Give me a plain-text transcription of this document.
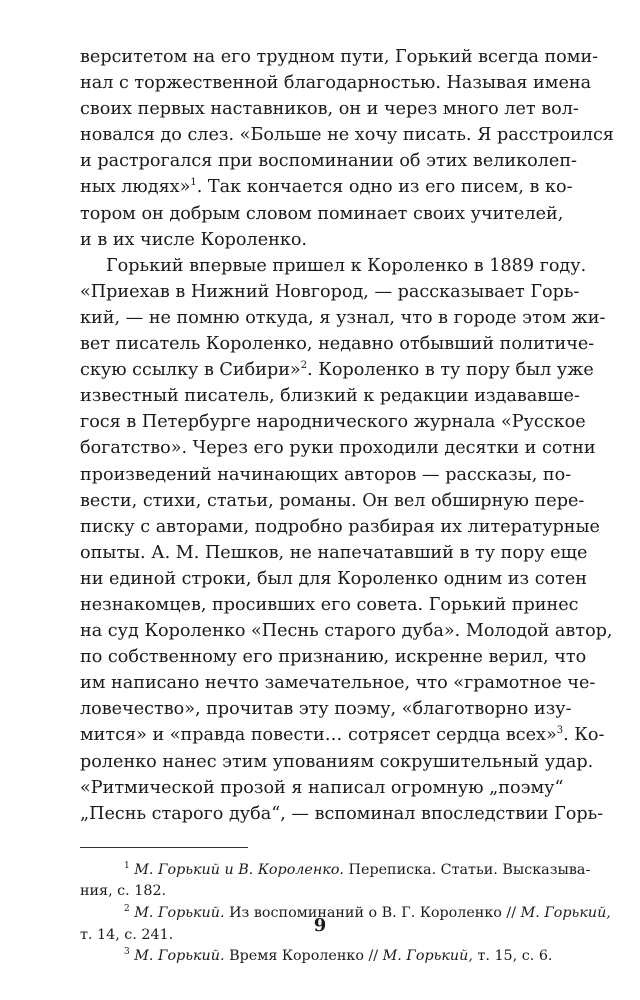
верситетом на его трудном пути, Горький всегда поми-
нал с торжественной благодарностью. Называя имена
своих первых наставников, он и через много лет вол-
новался до слез. «Больше не хочу писать. Я расстроился
и растрогался при воспоминании об этих великолеп-
ных людях»$^1$. Так кончается одно из его писем, в ко-
тором он добрым словом поминает своих учителей,
и в их числе Короленко.
Горький впервые пришел к Короленко в 1889 году.
«Приехав в Нижний Новгород, — рассказывает Горь-
кий, — не помню откуда, я узнал, что в городе этом жи-
вет писатель Короленко, недавно отбывший политиче-
скую ссылку в Сибири»$^2$. Короленко в ту пору был уже
известный писатель, близкий к редакции издававше-
гося в Петербурге народнического журнала «Русское
богатство». Через его руки проходили десятки и сотни
произведений начинающих авторов — рассказы, по-
вести, стихи, статьи, романы. Он вел обширную пере-
писку с авторами, подробно разбирая их литературные
опыты. А. М. Пешков, не напечатавший в ту пору еще
ни единой строки, был для Короленко одним из сотен
незнакомцев, просивших его совета. Горький принес
на суд Короленко «Песнь старого дуба». Молодой автор,
по собственному его признанию, искренне верил, что
им написано нечто замечательное, что «грамотное че-
ловечество», прочитав эту поэму, «благотворно изу-
мится» и «правда повести… сотрясет сердца всех»$^3$. Ко-
роленко нанес этим упованиям сокрушительный удар.
«Ритмической прозой я написал огромную „поэму“
„Песнь старого дуба“, — вспоминал впоследствии Горь-
$^1$ М. Горький и В. Короленко. Переписка. Статьи. Высказыва-
ния, с. 182.
$^2$ М. Горький. Из воспоминаний о В. Г. Короленко // М. Горький,
т. 14, с. 241.
$^3$ М. Горький. Время Короленко // М. Горький, т. 15, с. 6.
9
